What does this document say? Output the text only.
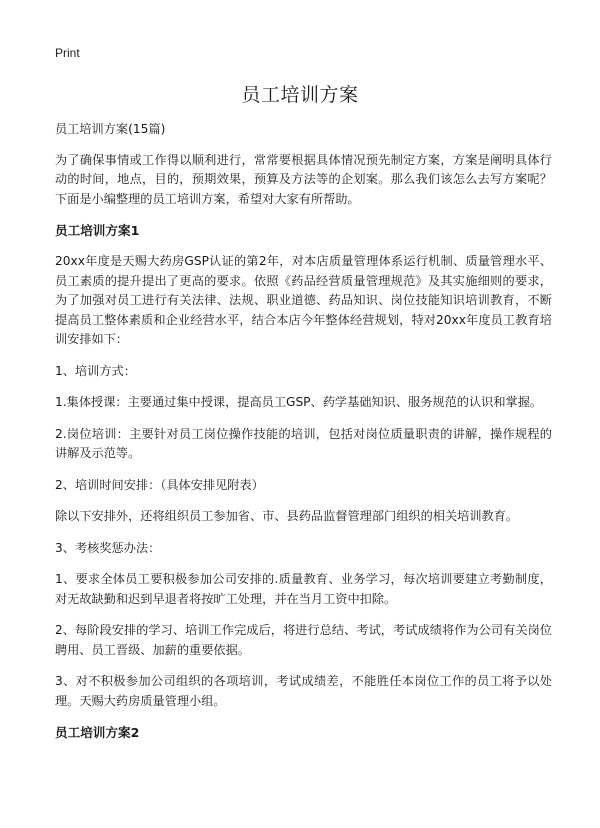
Print
员工培训方案

员工培训方案(15篇)

为了确保事情或工作得以顺利进行，常常要根据具体情况预先制定方案，方案是阐明具体行动的时间，地点，目的，预期效果，预算及方法等的企划案。那么我们该怎么去写方案呢？下面是小编整理的员工培训方案，希望对大家有所帮助。

员工培训方案1

20xx年度是天赐大药房GSP认证的第2年，对本店质量管理体系运行机制、质量管理水平、员工素质的提升提出了更高的要求。依照《药品经营质量管理规范》及其实施细则的要求，为了加强对员工进行有关法律、法规、职业道德、药品知识、岗位技能知识培训教育，不断提高员工整体素质和企业经营水平，结合本店今年整体经营规划，特对20xx年度员工教育培训安排如下：

1、培训方式：

1.集体授课：主要通过集中授课，提高员工GSP、药学基础知识、服务规范的认识和掌握。

2.岗位培训：主要针对员工岗位操作技能的培训，包括对岗位质量职责的讲解，操作规程的讲解及示范等。

2、培训时间安排：（具体安排见附表）

除以下安排外，还将组织员工参加省、市、县药品监督管理部门组织的相关培训教育。

3、考核奖惩办法：

1、要求全体员工要积极参加公司安排的.质量教育、业务学习，每次培训要建立考勤制度，对无故缺勤和迟到早退者将按旷工处理，并在当月工资中扣除。

2、每阶段安排的学习、培训工作完成后，将进行总结、考试，考试成绩将作为公司有关岗位聘用、员工晋级、加薪的重要依据。

3、对不积极参加公司组织的各项培训，考试成绩差，不能胜任本岗位工作的员工将予以处理。天赐大药房质量管理小组。

员工培训方案2
